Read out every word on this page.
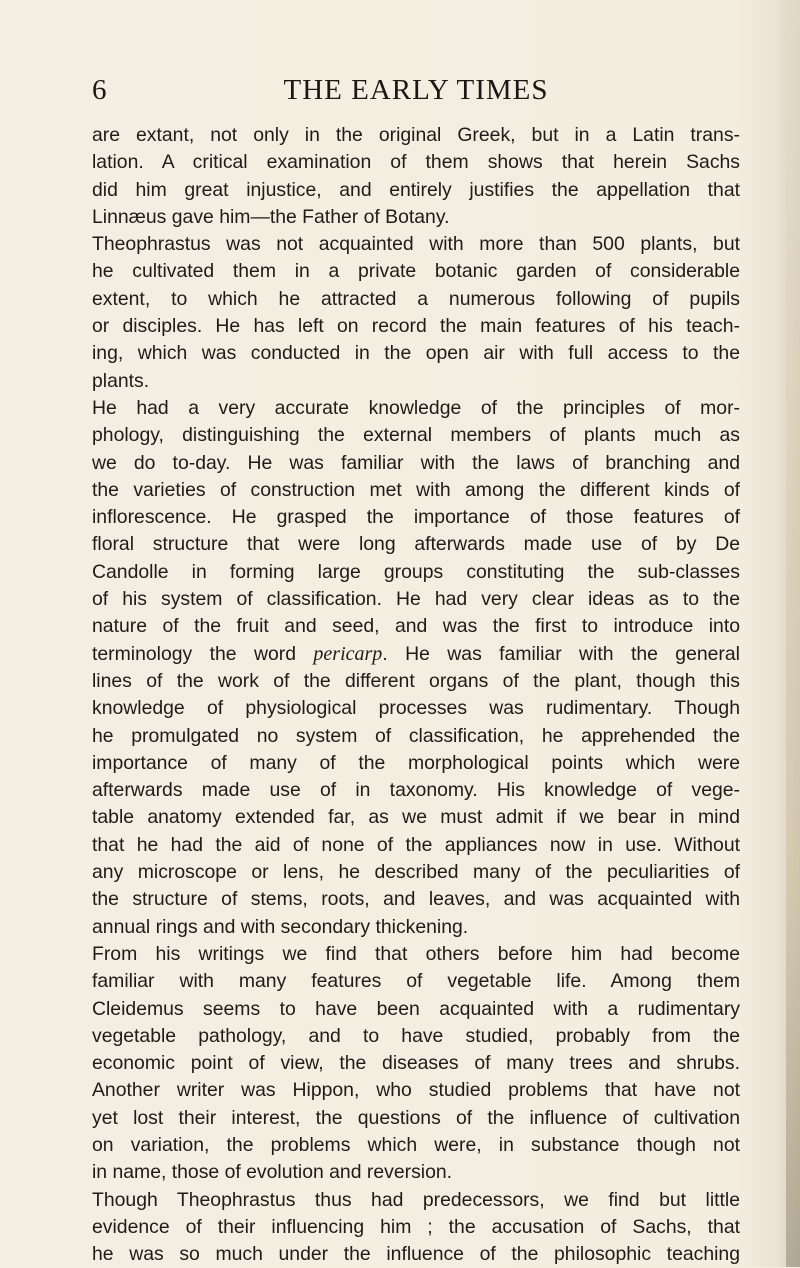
6	THE EARLY TIMES
are extant, not only in the original Greek, but in a Latin trans-
lation. A critical examination of them shows that herein Sachs
did him great injustice, and entirely justifies the appellation that
Linnæus gave him—the Father of Botany.
Theophrastus was not acquainted with more than 500 plants, but
he cultivated them in a private botanic garden of considerable
extent, to which he attracted a numerous following of pupils
or disciples. He has left on record the main features of his teach-
ing, which was conducted in the open air with full access to the
plants.
He had a very accurate knowledge of the principles of mor-
phology, distinguishing the external members of plants much as
we do to-day. He was familiar with the laws of branching and
the varieties of construction met with among the different kinds of
inflorescence. He grasped the importance of those features of
floral structure that were long afterwards made use of by De
Candolle in forming large groups constituting the sub-classes
of his system of classification. He had very clear ideas as to the
nature of the fruit and seed, and was the first to introduce into
terminology the word pericarp. He was familiar with the general
lines of the work of the different organs of the plant, though this
knowledge of physiological processes was rudimentary. Though
he promulgated no system of classification, he apprehended the
importance of many of the morphological points which were
afterwards made use of in taxonomy. His knowledge of vege-
table anatomy extended far, as we must admit if we bear in mind
that he had the aid of none of the appliances now in use. Without
any microscope or lens, he described many of the peculiarities of
the structure of stems, roots, and leaves, and was acquainted with
annual rings and with secondary thickening.
From his writings we find that others before him had become
familiar with many features of vegetable life. Among them
Cleidemus seems to have been acquainted with a rudimentary
vegetable pathology, and to have studied, probably from the
economic point of view, the diseases of many trees and shrubs.
Another writer was Hippon, who studied problems that have not
yet lost their interest, the questions of the influence of cultivation
on variation, the problems which were, in substance though not
in name, those of evolution and reversion.
Though Theophrastus thus had predecessors, we find but little
evidence of their influencing him ; the accusation of Sachs, that
he was so much under the influence of the philosophic teaching
